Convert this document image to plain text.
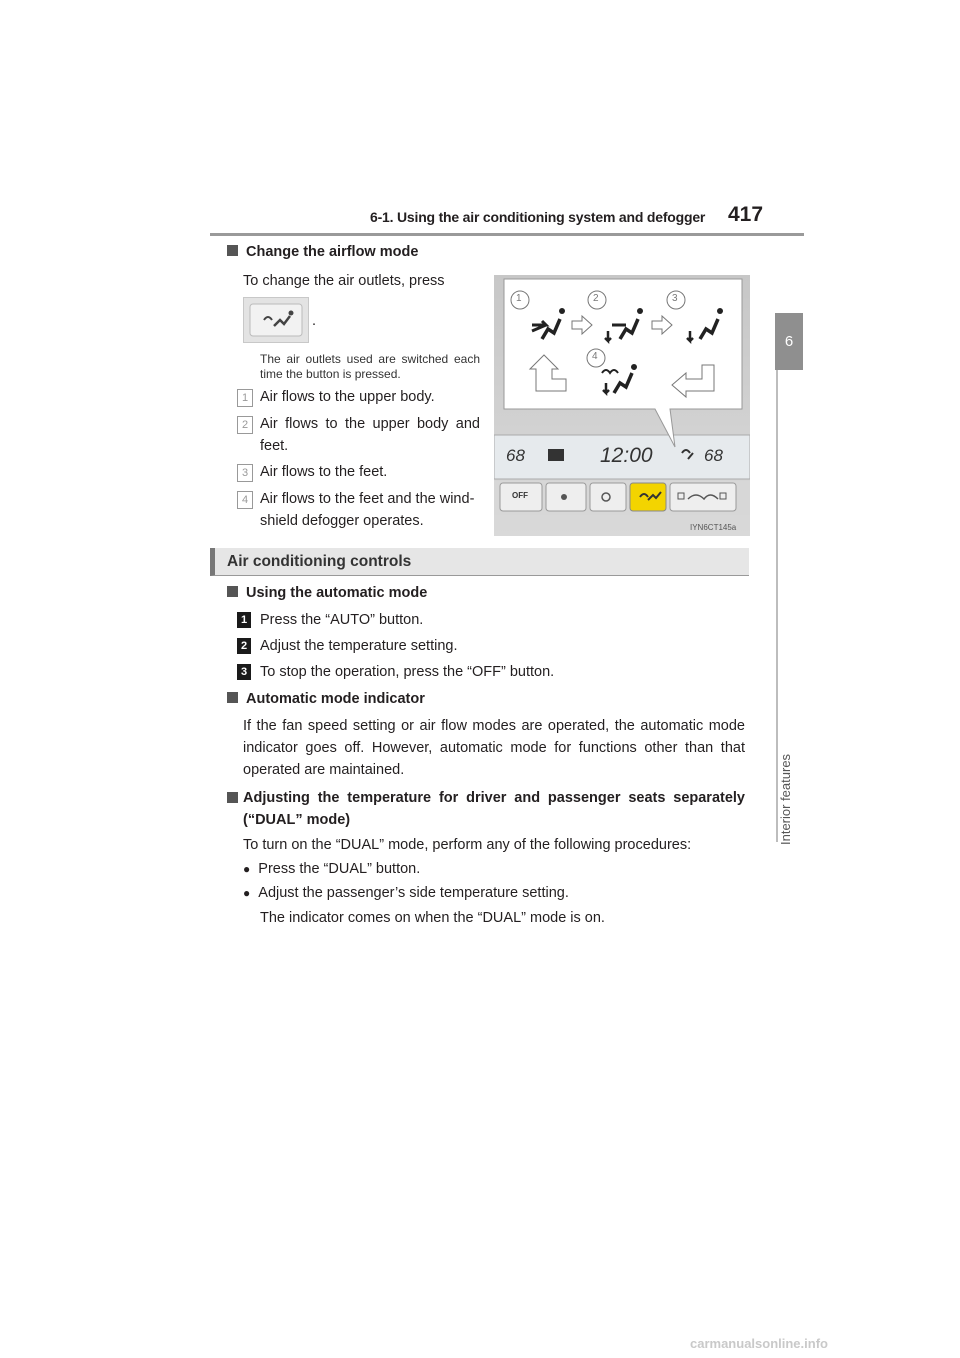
6-1. Using the air conditioning system and defogger 417
6
Interior features
Change the airflow mode
To change the air outlets, press
.
The air outlets used are switched each time the button is pressed.
1 Air flows to the upper body.
2 Air flows to the upper body and
feet.
3 Air flows to the feet.
4 Air flows to the feet and the wind-
shield defogger operates.
1	2	3
4
68	12:00	68
OFF
IYN6CT145a
Air conditioning controls
Using the automatic mode
1 Press the “AUTO” button.
2 Adjust the temperature setting.
3 To stop the operation, press the “OFF” button.
Automatic mode indicator
If the fan speed setting or air flow modes are operated, the automatic mode indicator goes off. However, automatic mode for functions other than that operated are maintained.
Adjusting the temperature for driver and passenger seats separately (“DUAL” mode)
To turn on the “DUAL” mode, perform any of the following procedures:
● Press the “DUAL” button.
● Adjust the passenger’s side temperature setting.
The indicator comes on when the “DUAL” mode is on.
carmanualsonline.info
